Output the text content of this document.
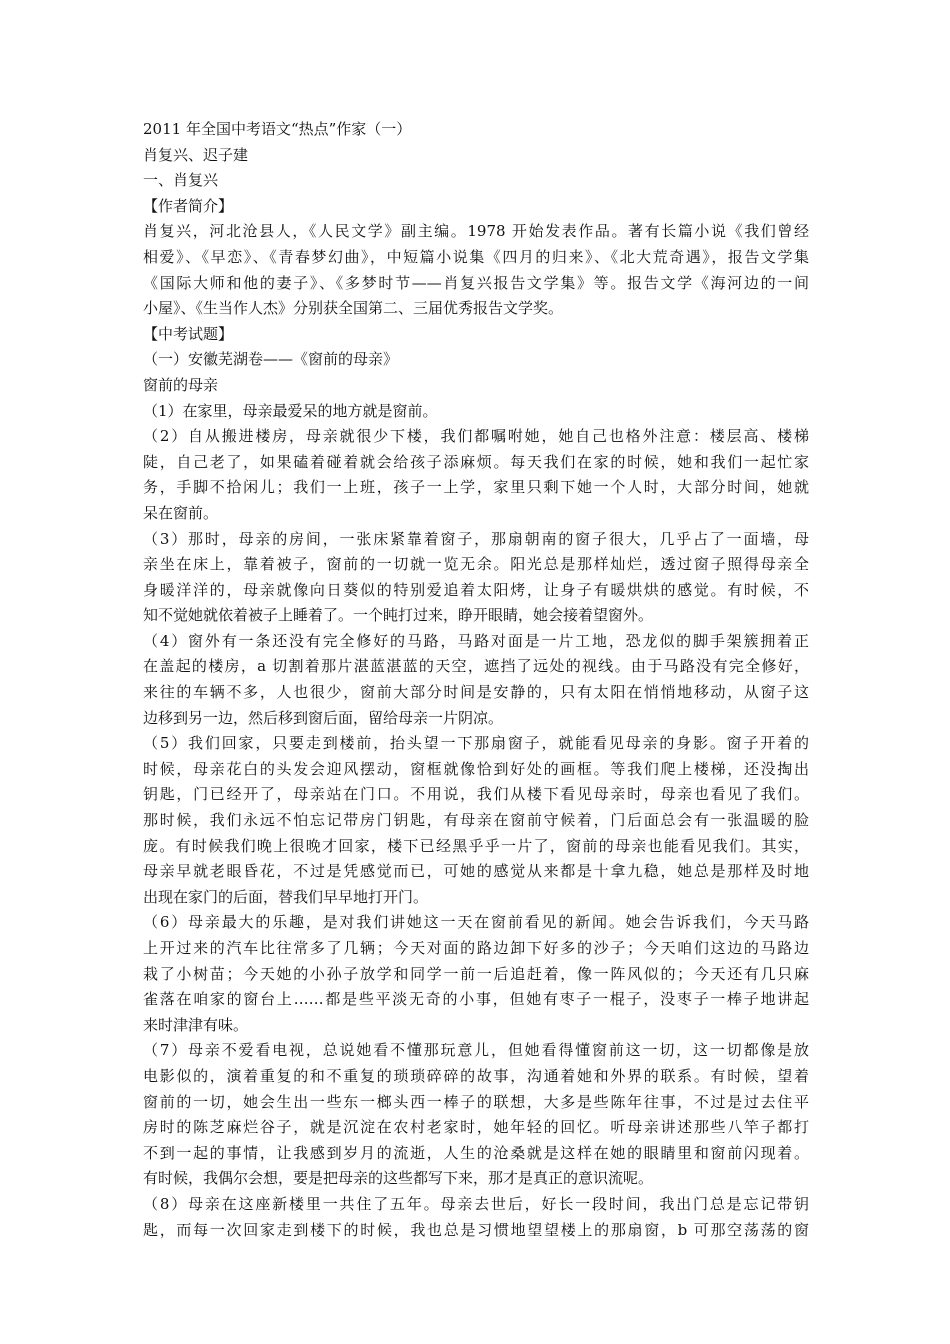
2011 年全国中考语文“热点”作家（一）
肖复兴、迟子建
一、肖复兴
【作者简介】
肖复兴，河北沧县人，《人民文学》副主编。1978 开始发表作品。著有长篇小说《我们曾经
相爱》、《早恋》、《青春梦幻曲》，中短篇小说集《四月的归来》、《北大荒奇遇》，报告文学集
《国际大师和他的妻子》、《多梦时节——肖复兴报告文学集》等。报告文学《海河边的一间
小屋》、《生当作人杰》分别获全国第二、三届优秀报告文学奖。
【中考试题】
（一）安徽芜湖卷——《窗前的母亲》
窗前的母亲
（1）在家里，母亲最爱呆的地方就是窗前。
（2）自从搬进楼房，母亲就很少下楼，我们都嘱咐她，她自己也格外注意：楼层高、楼梯
陡，自己老了，如果磕着碰着就会给孩子添麻烦。每天我们在家的时候，她和我们一起忙家
务，手脚不拾闲儿；我们一上班，孩子一上学，家里只剩下她一个人时，大部分时间，她就
呆在窗前。
（3）那时，母亲的房间，一张床紧靠着窗子，那扇朝南的窗子很大，几乎占了一面墙，母
亲坐在床上，靠着被子，窗前的一切就一览无余。阳光总是那样灿烂，透过窗子照得母亲全
身暖洋洋的，母亲就像向日葵似的特别爱追着太阳烤，让身子有暖烘烘的感觉。有时候，不
知不觉她就依着被子上睡着了。一个盹打过来，睁开眼睛，她会接着望窗外。
（4）窗外有一条还没有完全修好的马路，马路对面是一片工地，恐龙似的脚手架簇拥着正
在盖起的楼房，a 切割着那片湛蓝湛蓝的天空，遮挡了远处的视线。由于马路没有完全修好，
来往的车辆不多，人也很少，窗前大部分时间是安静的，只有太阳在悄悄地移动，从窗子这
边移到另一边，然后移到窗后面，留给母亲一片阴凉。
（5）我们回家，只要走到楼前，抬头望一下那扇窗子，就能看见母亲的身影。窗子开着的
时候，母亲花白的头发会迎风摆动，窗框就像恰到好处的画框。等我们爬上楼梯，还没掏出
钥匙，门已经开了，母亲站在门口。不用说，我们从楼下看见母亲时，母亲也看见了我们。
那时候，我们永远不怕忘记带房门钥匙，有母亲在窗前守候着，门后面总会有一张温暖的脸
庞。有时候我们晚上很晚才回家，楼下已经黑乎乎一片了，窗前的母亲也能看见我们。其实，
母亲早就老眼昏花，不过是凭感觉而已，可她的感觉从来都是十拿九稳，她总是那样及时地
出现在家门的后面，替我们早早地打开门。
（6）母亲最大的乐趣，是对我们讲她这一天在窗前看见的新闻。她会告诉我们，今天马路
上开过来的汽车比往常多了几辆；今天对面的路边卸下好多的沙子；今天咱们这边的马路边
栽了小树苗；今天她的小孙子放学和同学一前一后追赶着，像一阵风似的；今天还有几只麻
雀落在咱家的窗台上……都是些平淡无奇的小事，但她有枣子一棍子，没枣子一棒子地讲起
来时津津有味。
（7）母亲不爱看电视，总说她看不懂那玩意儿，但她看得懂窗前这一切，这一切都像是放
电影似的，演着重复的和不重复的琐琐碎碎的故事，沟通着她和外界的联系。有时候，望着
窗前的一切，她会生出一些东一榔头西一棒子的联想，大多是些陈年往事，不过是过去住平
房时的陈芝麻烂谷子，就是沉淀在农村老家时，她年轻的回忆。听母亲讲述那些八竿子都打
不到一起的事情，让我感到岁月的流逝，人生的沧桑就是这样在她的眼睛里和窗前闪现着。
有时候，我偶尔会想，要是把母亲的这些都写下来，那才是真正的意识流呢。
（8）母亲在这座新楼里一共住了五年。母亲去世后，好长一段时间，我出门总是忘记带钥
匙，而每一次回家走到楼下的时候，我也总是习惯地望望楼上的那扇窗，b 可那空荡荡的窗
